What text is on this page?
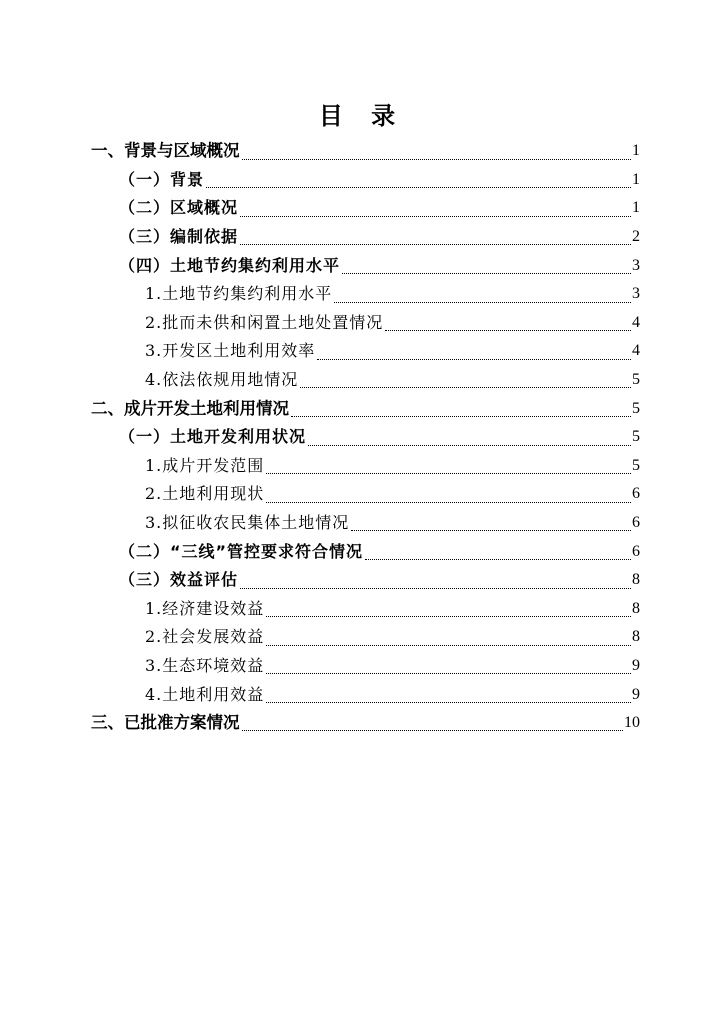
目 录
一、背景与区域概况	1
（一）背景	1
（二）区域概况	1
（三）编制依据	2
（四）土地节约集约利用水平	3
1.土地节约集约利用水平	3
2.批而未供和闲置土地处置情况	4
3.开发区土地利用效率	4
4.依法依规用地情况	5
二、成片开发土地利用情况	5
（一）土地开发利用状况	5
1.成片开发范围	5
2.土地利用现状	6
3.拟征收农民集体土地情况	6
（二）“三线”管控要求符合情况	6
（三）效益评估	8
1.经济建设效益	8
2.社会发展效益	8
3.生态环境效益	9
4.土地利用效益	9
三、已批准方案情况	10
